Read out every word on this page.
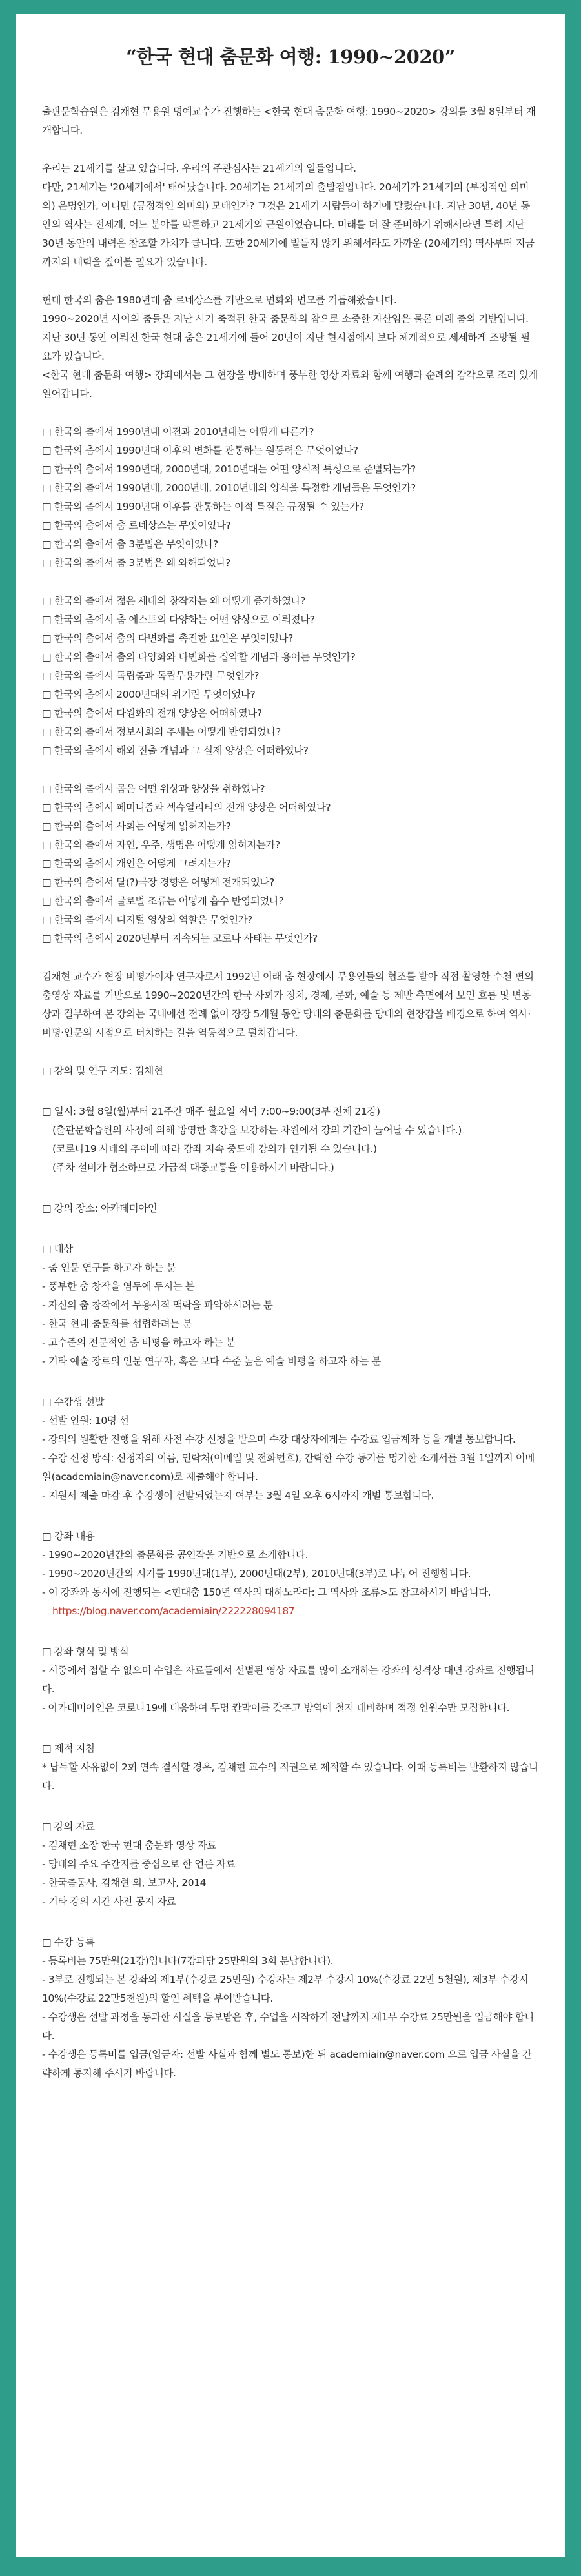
“한국 현대 춤문화 여행: 1990~2020”

출판문학습원은 김채현 무용원 명예교수가 진행하는 <한국 현대 춤문화 여행: 1990~2020> 강의를 3월 8일부터 재개합니다.

우리는 21세기를 살고 있습니다. 우리의 주관심사는 21세기의 일들입니다.

다만, 21세기는 '20세기에서' 태어났습니다. 20세기는 21세기의 출발점입니다. 20세기가 21세기의 (부정적인 의미의) 운명인가, 아니면 (긍정적인 의미의) 모태인가? 그것은 21세기 사람들이 하기에 달렸습니다. 지난 30년, 40년 동안의 역사는 전세계, 어느 분야를 막론하고 21세기의 근원이었습니다. 미래를 더 잘 준비하기 위해서라면 특히 지난 30년 동안의 내력은 참조할 가치가 큽니다. 또한 20세기에 벌들지 않기 위해서라도 가까운 (20세기의) 역사부터 지금까지의 내력을 짚어볼 필요가 있습니다.

현대 한국의 춤은 1980년대 춤 르네상스를 기반으로 변화와 변모를 거듭해왔습니다.

1990~2020년 사이의 춤들은 지난 시기 축적된 한국 춤문화의 참으로 소중한 자산임은 물론 미래 춤의 기반입니다. 지난 30년 동안 이뤄진 한국 현대 춤은 21세기에 들어 20년이 지난 현시점에서 보다 체계적으로 세세하게 조망될 필요가 있습니다.

<한국 현대 춤문화 여행> 강좌에서는 그 현장을 방대하며 풍부한 영상 자료와 함께 여행과 순례의 감각으로 조리 있게 열어갑니다.

□ 한국의 춤에서 1990년대 이전과 2010년대는 어떻게 다른가?
□ 한국의 춤에서 1990년대 이후의 변화를 관통하는 원동력은 무엇이었나?
□ 한국의 춤에서 1990년대, 2000년대, 2010년대는 어떤 양식적 특성으로 준별되는가?
□ 한국의 춤에서 1990년대, 2000년대, 2010년대의 양식을 특정할 개념들은 무엇인가?
□ 한국의 춤에서 1990년대 이후를 관통하는 이적 특질은 규정될 수 있는가?
□ 한국의 춤에서 춤 르네상스는 무엇이었나?
□ 한국의 춤에서 춤 3분법은 무엇이었나?
□ 한국의 춤에서 춤 3분법은 왜 와해되었나?
□ 한국의 춤에서 젊은 세대의 창작자는 왜 어떻게 증가하였나?
□ 한국의 춤에서 춤 에스트의 다양화는 어떤 양상으로 이뤄졌나?
□ 한국의 춤에서 춤의 다변화를 촉진한 요인은 무엇이었나?
□ 한국의 춤에서 춤의 다양화와 다변화를 집약할 개념과 용어는 무엇인가?
□ 한국의 춤에서 독립춤과 독립무용가란 무엇인가?
□ 한국의 춤에서 2000년대의 위기란 무엇이었나?
□ 한국의 춤에서 다원화의 전개 양상은 어떠하였나?
□ 한국의 춤에서 정보사회의 추세는 어떻게 반영되었나?
□ 한국의 춤에서 해외 진출 개념과 그 실제 양상은 어떠하였나?
□ 한국의 춤에서 몸은 어떤 위상과 양상을 취하였나?
□ 한국의 춤에서 페미니즘과 섹슈얼리티의 전개 양상은 어떠하였나?
□ 한국의 춤에서 사회는 어떻게 읽혀지는가?
□ 한국의 춤에서 자연, 우주, 생명은 어떻게 읽혀지는가?
□ 한국의 춤에서 개인은 어떻게 그려지는가?
□ 한국의 춤에서 탈(?)극장 경향은 어떻게 전개되었나?
□ 한국의 춤에서 글로벌 조류는 어떻게 흡수 반영되었나?
□ 한국의 춤에서 디지털 영상의 역할은 무엇인가?
□ 한국의 춤에서 2020년부터 지속되는 코로나 사태는 무엇인가?

김채현 교수가 현장 비평가이자 연구자로서 1992년 이래 춤 현장에서 무용인들의 협조를 받아 직접 촬영한 수천 편의 춤영상 자료를 기반으로 1990~2020년간의 한국 사회가 정치, 경제, 문화, 예술 등 제반 측면에서 보인 흐름 및 변동상과 결부하여 본 강의는 국내에선 전례 없이 장장 5개월 동안 당대의 춤문화를 당대의 현장감을 배경으로 하여 역사·비평·인문의 시점으로 터치하는 길을 역동적으로 펼쳐갑니다.

□ 강의 및 연구 지도: 김채현

□ 일시: 3월 8일(월)부터 21주간 매주 월요일 저녁 7:00~9:00(3부 전체 21강)

(출판문학습원의 사정에 의해 방영한 혹강을 보강하는 차원에서 강의 기간이 늘어날 수 있습니다.)

(코로나19 사태의 추이에 따라 강좌 지속 중도에 강의가 연기될 수 있습니다.)

(주차 설비가 협소하므로 가급적 대중교통을 이용하시기 바랍니다.)

□ 강의 장소: 아카데미아인

□ 대상

- 춤 인문 연구를 하고자 하는 분

- 풍부한 춤 창작을 염두에 두시는 분

- 자신의 춤 창작에서 무용사적 맥락을 파악하시려는 분

- 한국 현대 춤문화를 섭렵하려는 분

- 고수준의 전문적인 춤 비평을 하고자 하는 분

- 기타 예술 장르의 인문 연구자, 혹은 보다 수준 높은 예술 비평을 하고자 하는 분

□ 수강생 선발

- 선발 인원: 10명 선

- 강의의 원활한 진행을 위해 사전 수강 신청을 받으며 수강 대상자에게는 수강료 입금계좌 등을 개별 통보합니다.

- 수강 신청 방식: 신청자의 이름, 연락처(이메일 및 전화번호), 간략한 수강 동기를 명기한 소개서를 3월 1일까지 이메일(academiain@naver.com)로 제출해야 합니다.

- 지원서 제출 마감 후 수강생이 선발되었는지 여부는 3월 4일 오후 6시까지 개별 통보합니다.

□ 강좌 내용

- 1990~2020년간의 춤문화를 공연작을 기반으로 소개합니다.

- 1990~2020년간의 시기를 1990년대(1부), 2000년대(2부), 2010년대(3부)로 나누어 진행합니다.

- 이 강좌와 동시에 진행되는 <현대춤 150년 역사의 대하노라마: 그 역사와 조류>도 참고하시기 바랍니다.

https://blog.naver.com/academiain/222228094187

□ 강좌 형식 및 방식

- 시중에서 접할 수 없으며 수업은 자료들에서 선별된 영상 자료를 많이 소개하는 강좌의 성격상 대면 강좌로 진행됩니다.

- 아카데미아인은 코로나19에 대응하여 투명 칸막이를 갖추고 방역에 철저 대비하며 적정 인원수만 모집합니다.

□ 제적 지침

* 납득할 사유없이 2회 연속 결석할 경우, 김채현 교수의 직권으로 제적할 수 있습니다. 이때 등록비는 반환하지 않습니다.

□ 강의 자료

- 김채현 소장 한국 현대 춤문화 영상 자료

- 당대의 주요 주간지를 중심으로 한 언론 자료

- 한국춤통사, 김채현 외, 보고사, 2014

- 기타 강의 시간 사전 공지 자료

□ 수강 등록

- 등록비는 75만원(21강)입니다(7강과당 25만원의 3회 분납합니다).

- 3부로 진행되는 본 강좌의 제1부(수강료 25만원) 수강자는 제2부 수강시 10%(수강료 22만 5천원), 제3부 수강시 10%(수강료 22만5천원)의 할인 혜택을 부여받습니다.

- 수강생은 선발 과정을 통과한 사실을 통보받은 후, 수업을 시작하기 전날까지 제1부 수강료 25만원을 입금해야 합니다.

- 수강생은 등록비를 입금(입금자: 선발 사실과 함께 별도 통보)한 뒤 academiain@naver.com 으로 입금 사실을 간략하게 통지해 주시기 바랍니다.
